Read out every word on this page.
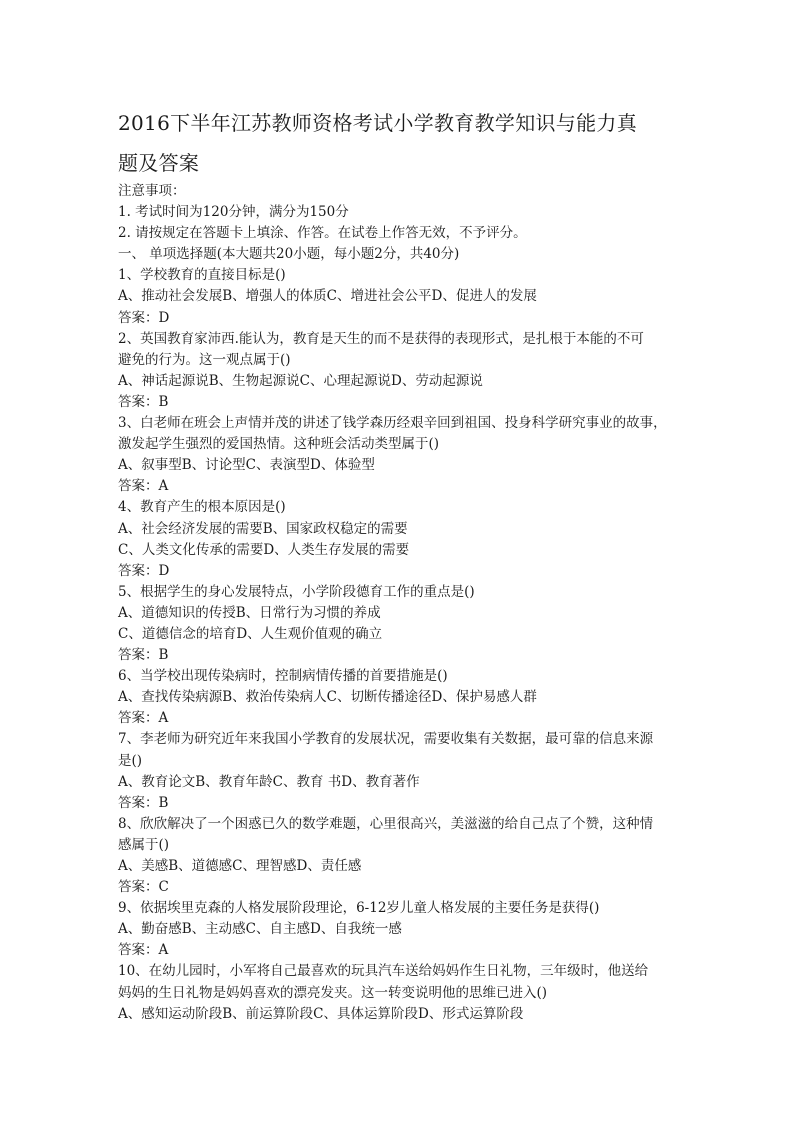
2016下半年江苏教师资格考试小学教育教学知识与能力真
题及答案
注意事项：
1. 考试时间为120分钟，满分为150分
2. 请按规定在答题卡上填涂、作答。在试卷上作答无效，不予评分。
一、 单项选择题(本大题共20小题，每小题2分，共40分)
1、学校教育的直接目标是()
A、推动社会发展B、增强人的体质C、增进社会公平D、促进人的发展
答案：D
2、英国教育家沛西.能认为，教育是天生的而不是获得的表现形式，是扎根于本能的不可
避免的行为。这一观点属于()
A、神话起源说B、生物起源说C、心理起源说D、劳动起源说
答案：B
3、白老师在班会上声情并茂的讲述了钱学森历经艰辛回到祖国、投身科学研究事业的故事，
激发起学生强烈的爱国热情。这种班会活动类型属于()
A、叙事型B、讨论型C、表演型D、体验型
答案：A
4、教育产生的根本原因是()
A、社会经济发展的需要B、国家政权稳定的需要
C、人类文化传承的需要D、人类生存发展的需要
答案：D
5、根据学生的身心发展特点，小学阶段德育工作的重点是()
A、道德知识的传授B、日常行为习惯的养成
C、道德信念的培育D、人生观价值观的确立
答案：B
6、当学校出现传染病时，控制病情传播的首要措施是()
A、查找传染病源B、救治传染病人C、切断传播途径D、保护易感人群
答案：A
7、李老师为研究近年来我国小学教育的发展状况，需要收集有关数据，最可靠的信息来源
是()
A、教育论文B、教育年龄C、教育 书D、教育著作
答案：B
8、欣欣解决了一个困惑已久的数学难题，心里很高兴，美滋滋的给自己点了个赞，这种情
感属于()
A、美感B、道德感C、理智感D、责任感
答案：C
9、依据埃里克森的人格发展阶段理论，6-12岁儿童人格发展的主要任务是获得()
A、勤奋感B、主动感C、自主感D、自我统一感
答案：A
10、在幼儿园时，小军将自己最喜欢的玩具汽车送给妈妈作生日礼物，三年级时，他送给
妈妈的生日礼物是妈妈喜欢的漂亮发夹。这一转变说明他的思维已进入()
A、感知运动阶段B、前运算阶段C、具体运算阶段D、形式运算阶段
